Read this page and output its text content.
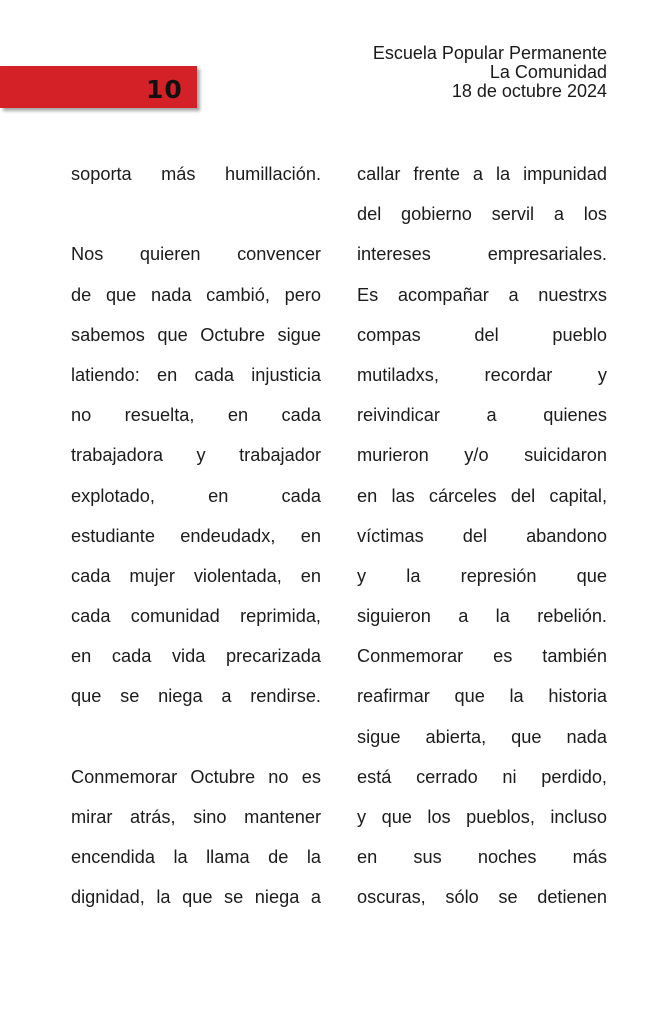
10
Escuela Popular Permanente
La Comunidad
18 de octubre 2024
soporta más humillación.
Nos quieren convencer
de que nada cambió, pero
sabemos que Octubre sigue
latiendo: en cada injusticia
no resuelta, en cada
trabajadora y trabajador
explotado, en cada
estudiante endeudadx, en
cada mujer violentada, en
cada comunidad reprimida,
en cada vida precarizada
que se niega a rendirse.
Conmemorar Octubre no es
mirar atrás, sino mantener
encendida la llama de la
dignidad, la que se niega a
callar frente a la impunidad
del gobierno servil a los
intereses empresariales.
Es acompañar a nuestrxs
compas del pueblo
mutiladxs, recordar y
reivindicar a quienes
murieron y/o suicidaron
en las cárceles del capital,
víctimas del abandono
y la represión que
siguieron a la rebelión.
Conmemorar es también
reafirmar que la historia
sigue abierta, que nada
está cerrado ni perdido,
y que los pueblos, incluso
en sus noches más
oscuras, sólo se detienen
